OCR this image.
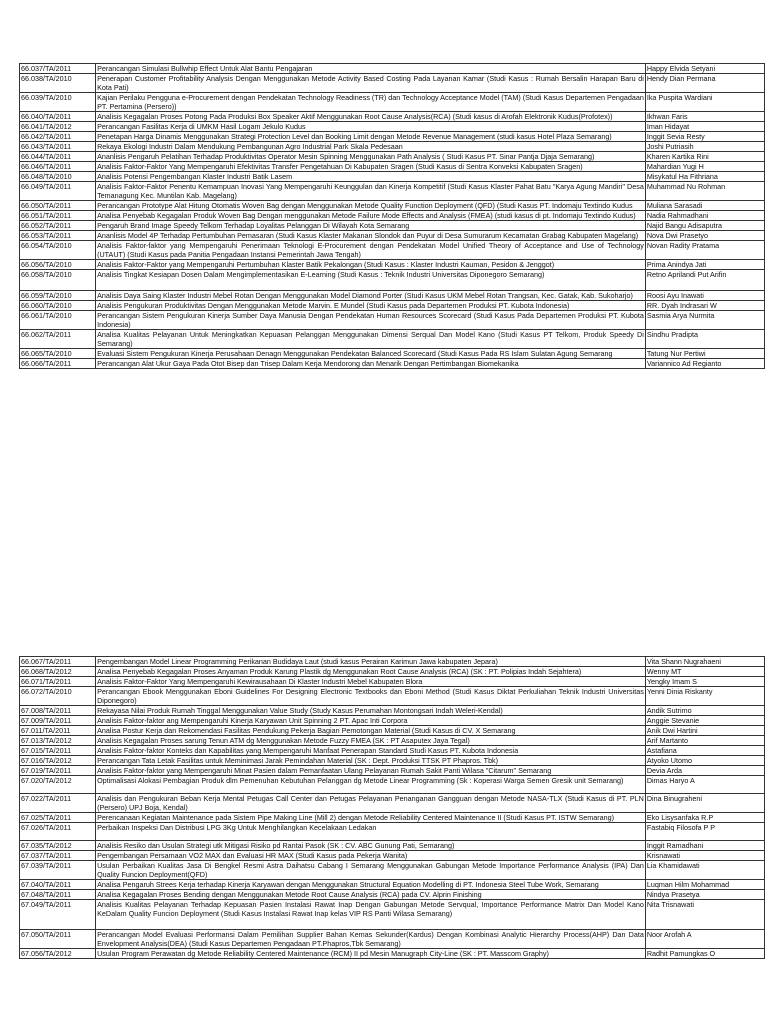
66.037/TA/2011	Perancangan Simulasi Bullwhip Effect Untuk Alat Bantu Pengajaran	Happy Elvida Setyani
66.038/TA/2010	Penerapan Customer Profitability Analysis Dengan Menggunakan Metode Activity Based Costing Pada Layanan Kamar (Studi Kasus : Rumah Bersalin Harapan Baru di Kota Pati)	Hendy Dian Permana
66.039/TA/2010	Kajian Perilaku Pengguna e-Procurement dengan Pendekatan Technology Readiness (TR) dan Technology Acceptance Model (TAM) (Studi Kasus Departemen Pengadaan PT. Pertamina (Persero))	Ika Puspita Wardiani
66.040/TA/2011	Analisis Kegagalan Proses Potong Pada Produksi Box Speaker Aktif Menggunakan Root Cause Analysis(RCA) (Studi kasus di Arofah Elektronik Kudus(Profotex))	Ikhwan Faris
66.041/TA/2012	Perancangan Fasilitas Kerja di UMKM Hasil Logam Jekulo Kudus	Iman Hidayat
66.042/TA/2011	Penetapan Harga Dinamis Menggunakan Strategi Protection Level dan Booking Limit dengan Metode Revenue Management (studi kasus Hotel Plaza Semarang)	Inggit Sevia Resty
66.043/TA/2011	Rekaya Ekologi Industri Dalam Mendukung Pembangunan Agro Industrial Park Skala Pedesaan	Joshi Putriasih
66.044/TA/2011	Ananlisis Pengaruh Pelatihan Terhadap Produktivitas Operator Mesin Spinning Menggunakan Path Analysis ( Studi Kasus PT. Sinar Pantja Djaja Semarang)	Kharen Kartika Rini
66.046/TA/2011	Analisis Faktor-Faktor Yang Mempengaruhi Efektivitas Transfer Pengetahuan Di Kabupaten Sragen (Studi Kasus di Sentra Konveksi Kabupaten Sragen)	Mahardian Yugi H
66.048/TA/2010	Analisis Potensi Pengembangan Klaster Industri Batik Lasem	Misykatul Ha Fithriana
66.049/TA/2011	Analisis Faktor-Faktor Penentu Kemampuan Inovasi Yang Mempengaruhi Keunggulan dan Kinerja Kompetitif (Studi Kasus Klaster Pahat Batu "Karya Agung Mandiri" Desa Temanagung Kec. Muntilan Kab. Magelang)	Muhammad Nu Rohman
66.050/TA/2011	Perancangan Prototype Alat Hitung Otomatis Woven Bag dengan Menggunakan Metode Quality Function Deployment (QFD) (Studi Kasus PT. Indomaju Textindo Kudus	Muliana Sarasadi
66.051/TA/2011	Analisa Penyebab Kegagalan Produk Woven Bag Dengan menggunakan Metode Failure Mode Effects and Analysis (FMEA) (studi kasus di pt. Indomaju Textindo Kudus)	Nadia Rahmadhani
66.052/TA/2011	Pengaruh Brand Image Speedy Telkom Terhadap Loyalitas Pelanggan Di Wilayah Kota Semarang	Najid Bangu Adisaputra
66.053/TA/2011	Ananlisis Model 4P Terhadap Pertumbuhan Pemasaran (Studi Kasus Klaster Makanan Slondok dan Puyur di Desa Sumurarum Kecamatan Grabag Kabupaten Magelang)	Nova Dwi Prasetyo
66.054/TA/2010	Analisis Faktor-faktor yang Mempengaruhi Penerimaan Teknologi E-Procurement dengan Pendekatan Model Unified Theory of Acceptance and Use of Technology (UTAUT) (Studi Kasus pada Panitia Pengadaan Instansi Pemerintah Jawa Tengah)	Novan Radity Pratama
66.056/TA/2010	Analisis Faktor-Faktor yang Mempengaruhi Pertumbuhan Klaster Batik Pekalongan (Studi Kasus : Klaster Industri Kauman, Pesidon & Jenggot)	Prima Anindya Jati
66.058/TA/2010	Analisis Tingkat Kesiapan Dosen Dalam Mengimplementasikan E-Learning (Studi Kasus : Teknik Industri Universitas Diponegoro Semarang)	Retno Aprilandi Put Arifin
66.059/TA/2010	Analisis Daya Saing Klaster Industri Mebel Rotan Dengan Menggunakan Model Diamond Porter (Studi Kasus UKM Mebel Rotan Trangsan, Kec. Gatak, Kab. Sukoharjo)	Roosi Ayu Inawati
66.060/TA/2010	Analisis Pengukuran Produktivitas Dengan Menggunakan Metode Marvin. E Mundel (Studi Kasus pada Departemen Produksi PT. Kubota Indonesia)	RR. Dyah Indrasari W
66.061/TA/2010	Perancangan Sistem Pengukuran Kinerja Sumber Daya Manusia Dengan Pendekatan Human Resources Scorecard (Studi Kasus Pada Departemen Produksi PT. Kubota Indonesia)	Sasmia Arya Nurmita
66.062/TA/2011	Analisa Kualitas Pelayanan Untuk Meningkatkan Kepuasan Pelanggan Menggunakan Dimensi Serqual Dan Model Kano (Studi Kasus PT Telkom, Produk Speedy Di Semarang)	Sindhu Pradipta
66.065/TA/2010	Evaluasi Sistem Pengukuran Kinerja Perusahaan Denagn Menggunakan Pendekatan Balanced Scorecard (Studi Kasus Pada RS Islam Sulatan Agung Semarang	Tatung Nur Pertiwi
66.066/TA/2011	Perancangan Alat Ukur Gaya Pada Otot Bisep dan Trisep Dalam Kerja Mendorong dan Menarik Dengan Pertimbangan Biomekanika	Variannico Ad Regianto
66.067/TA/2011	Pengembangan Model Linear Programming Perikanan Budidaya Laut (studi kasus Perairan Karimun Jawa kabupaten Jepara)	Vita Shann Nugrahaeni
66.068/TA/2012	Analisa Penyebab Kegagalan Proses Anyaman Produk Karung Plastik dg Menggunakan Root Cause Analysis (RCA) (SK : PT. Polipias Indah Sejahtera)	Wenny MT
66.071/TA/2011	Analisis Faktor-Faktor Yang Mempengaruhi Kewirausahaan Di Klaster Industri Mebel Kabupaten Blora	Yengky Imam S
66.072/TA/2010	Perancangan Ebook Menggunakan Eboni Guidelines For Designing Electronic Textbooks dan Eboni Method (Studi Kasus Diktat Perkuliahan Teknik Industri Universitas Diponegoro)	Yenni Dinia Riskanty
67.008/TA/2011	Rekayasa Nilai Produk Rumah Tinggal Menggunakan Value Study (Study Kasus Perumahan Montongsari Indah Weleri-Kendal)	Andik Sutrimo
67.009/TA/2011	Analisis Faktor-faktor ang Mempengaruhi Kinerja Karyawan Unit Spinning 2 PT. Apac Inti Corpora	Anggie Stevanie
67.011/TA/2011	Analisa Postur Kerja dan Rekomendasi Fasilitas Pendukung Pekerja Bagian Pemotongan Material (Studi Kasus di CV. X Semarang	Anik Dwi Hartini
67.013/TA/2012	Analisis Kegagalan Proses sarung Tenun ATM dg Menggunakan Metode Fuzzy FMEA (SK : PT Asaputex Jaya Tegal)	Arif Martanto
67.015/TA/2011	Analisis Faktor-faktor Konteks dan Kapabilitas yang Mempengaruhi Manfaat Penerapan Standard Studi Kasus PT. Kubota Indonesia	Astafiana
67.016/TA/2012	Perancangan Tata Letak Fasilitas untuk Meminimasi Jarak Pemindahan Material (SK : Dept. Produksi TTSK PT Phapros. Tbk)	Atyoko Utomo
67.019/TA/2011	Analisis Faktor-faktor yang Mempengaruhi Minat Pasien dalam Pemanfaatan Ulang Pelayanan Rumah Sakit Panti Wilasa "Citarum" Semarang	Devia Arda
67.020/TA/2012	Optimalisasi Alokasi Pembagian Produk dlm Pemenuhan Kebutuhan Pelanggan dg Metode Linear Programming (Sk : Koperasi Warga Semen Gresik unit Semarang)	Dimas Haryo A
67.022/TA/2011	Analisis dan Pengukuran Beban Kerja Mental Petugas Call Center dan Petugas Pelayanan Penanganan Gangguan dengan Metode NASA-TLX (Studi Kasus di PT. PLN (Persero) UPJ Boja, Kendal)	Dina Binugraheni
67.025/TA/2011	Perencanaan Kegiatan Maintenance pada Sistem Pipe Making Line (Mill 2) dengan Metode Reliability Centered Maintenance II (Studi Kasus PT. ISTW Semarang)	Eko Lisysanfaka R.P
67.026/TA/2011	Perbaikan Inspeksi Dan Distribusi LPG 3Kg Untuk Menghilangkan Kecelakaan Ledakan	Fastabiq Filosofa P P
67.035/TA/2012	Analisis Resiko dan Usulan Strategi utk Mitigasi Risiko pd Rantai Pasok (SK : CV. ABC Gunung Pati, Semarang)	Inggit Ramadhani
67.037/TA/2011	Pengembangan Persamaan VO2 MAX dan Evaluasi HR MAX (Studi Kasus pada Pekerja Wanita)	Krisnawati
67.039/TA/2011	Usulan Perbaikan Kualitas Jasa Di Bengkel Resmi Astra Daihatsu Cabang I Semarang Menggunakan Gabungan Metode Importance Performance Analysis (IPA) Dan Quality Funcion Deployment(QFD)	Lia Khamidawati
67.040/TA/2011	Analisa Pengaruh Strees Kerja terhadap Kinerja Karyawan dengan Menggunakan Structural Equation Modelling di PT. Indonesia Steel Tube Work, Semarang	Luqman Hilm Mohammad
67.048/TA/2011	Analisa Kegagalan Proses Bending dengan Menggunakan Metode Root Cause Analysis (RCA) pada CV. Alprin Finishing	Nindya Prasetya
67.049/TA/2011	Analisis Kualitas Pelayanan Terhadap Kepuasan Pasien Instalasi Rawat Inap Dengan Gabungan Metode Servqual, Importance Performance Matrix Dan Model Kano KeDalam Quality Funcion Deployment (Studi Kasus Instalasi Rawat Inap kelas VIP RS Panti Wilasa Semarang)	Nita Trisnawati
67.050/TA/2011	Perancangan Model Evaluasi Performansi Dalam Pemilihan Supplier Bahan Kemas Sekunder(Kardus) Dengan Kombinasi Analytic Hierarchy Process(AHP) Dan Data Envelopment Analysis(DEA) (Studi Kasus Departemen Pengadaan PT.Phapros,Tbk Semarang)	Noor Arofah A
67.056/TA/2012	Usulan Program Perawatan dg Metode Reliability Centered Maintenance (RCM) II pd Mesin Manugraph City-Line (SK : PT. Masscom Graphy)	Radhit Pamungkas O
